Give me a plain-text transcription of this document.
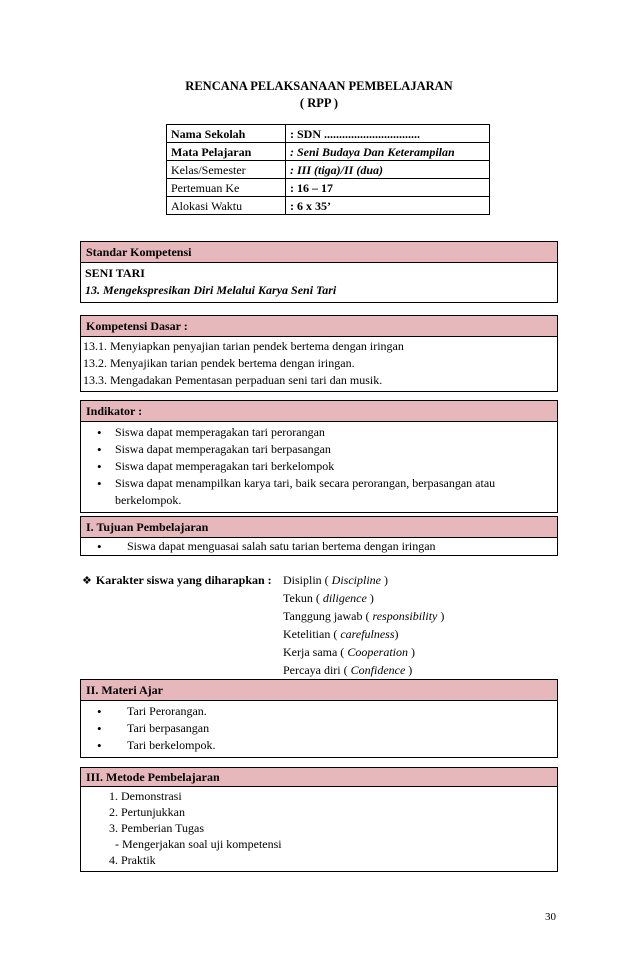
RENCANA PELAKSANAAN PEMBELAJARAN
( RPP )
Nama Sekolah	: SDN ................................
Mata Pelajaran	: Seni Budaya Dan Keterampilan
Kelas/Semester	: III (tiga)/II (dua)
Pertemuan Ke	: 16 – 17
Alokasi Waktu	: 6 x 35’
Standar Kompetensi
SENI TARI
13. Mengekspresikan Diri Melalui Karya Seni Tari
Kompetensi Dasar :
13.1. Menyiapkan penyajian tarian pendek bertema dengan iringan
13.2. Menyajikan tarian pendek bertema dengan iringan.
13.3. Mengadakan Pementasan perpaduan seni tari dan musik.
Indikator :
• Siswa dapat memperagakan tari perorangan
• Siswa dapat memperagakan tari berpasangan
• Siswa dapat memperagakan tari berkelompok
• Siswa dapat menampilkan karya tari, baik secara perorangan, berpasangan atau berkelompok.
I. Tujuan Pembelajaran
• Siswa dapat menguasai salah satu tarian bertema dengan iringan
❖ Karakter siswa yang diharapkan : Disiplin ( Discipline )
Tekun ( diligence )
Tanggung jawab ( responsibility )
Ketelitian ( carefulness)
Kerja sama ( Cooperation )
Percaya diri ( Confidence )
II. Materi Ajar
• Tari Perorangan.
• Tari berpasangan
• Tari berkelompok.
III. Metode Pembelajaran
1. Demonstrasi
2. Pertunjukkan
3. Pemberian Tugas
- Mengerjakan soal uji kompetensi
4. Praktik
30
